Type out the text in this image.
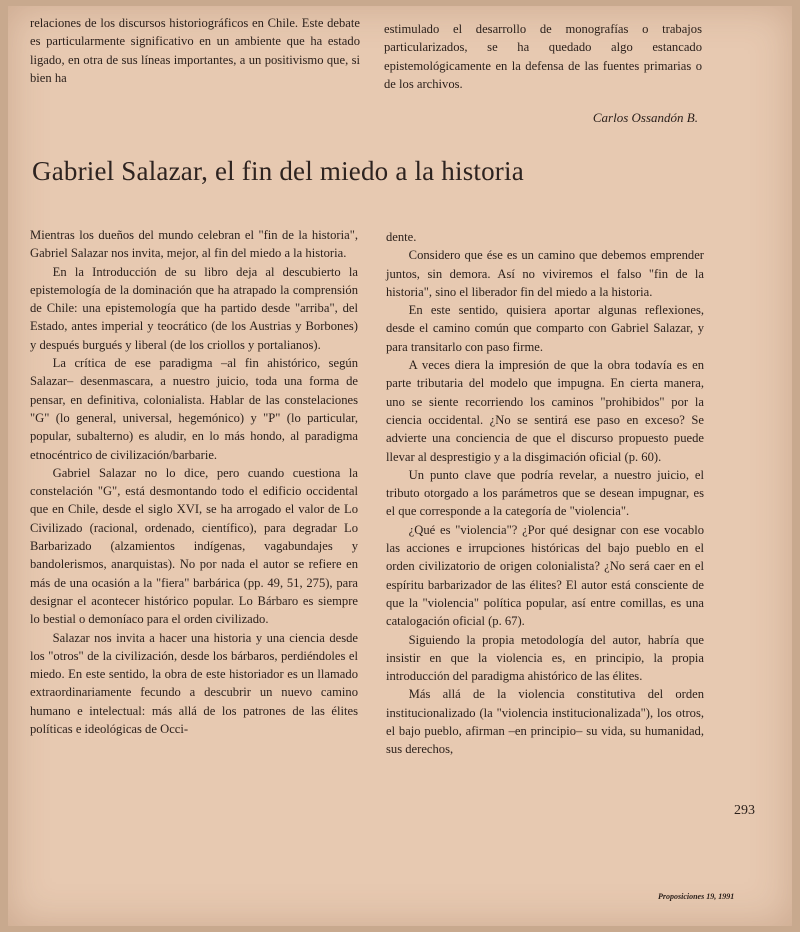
relaciones de los discursos historiográficos en Chile. Este debate es particularmente significativo en un ambiente que ha estado ligado, en otra de sus líneas importantes, a un positivismo que, si bien ha

estimulado el desarrollo de monografías o trabajos particularizados, se ha quedado algo estancado epistemológicamente en la defensa de las fuentes primarias o de los archivos.

Carlos Ossandón B.
Gabriel Salazar, el fin del miedo a la historia

Mientras los dueños del mundo celebran el "fin de la historia", Gabriel Salazar nos invita, mejor, al fin del miedo a la historia.

En la Introducción de su libro deja al descubierto la epistemología de la dominación que ha atrapado la comprensión de Chile: una epistemología que ha partido desde "arriba", del Estado, antes imperial y teocrático (de los Austrias y Borbones) y después burgués y liberal (de los criollos y portalianos).

La crítica de ese paradigma –al fin ahistórico, según Salazar– desenmascara, a nuestro juicio, toda una forma de pensar, en definitiva, colonialista. Hablar de las constelaciones "G" (lo general, universal, hegemónico) y "P" (lo particular, popular, subalterno) es aludir, en lo más hondo, al paradigma etnocéntrico de civilización/barbarie.

Gabriel Salazar no lo dice, pero cuando cuestiona la constelación "G", está desmontando todo el edificio occidental que en Chile, desde el siglo XVI, se ha arrogado el valor de Lo Civilizado (racional, ordenado, científico), para degradar Lo Barbarizado (alzamientos indígenas, vagabundajes y bandolerismos, anarquistas). No por nada el autor se refiere en más de una ocasión a la "fiera" barbárica (pp. 49, 51, 275), para designar el acontecer histórico popular. Lo Bárbaro es siempre lo bestial o demoníaco para el orden civilizado.

Salazar nos invita a hacer una historia y una ciencia desde los "otros" de la civilización, desde los bárbaros, perdiéndoles el miedo. En este sentido, la obra de este historiador es un llamado extraordinariamente fecundo a descubrir un nuevo camino humano e intelectual: más allá de los patrones de las élites políticas e ideológicas de Occi-

dente.

Considero que ése es un camino que debemos emprender juntos, sin demora. Así no viviremos el falso "fin de la historia", sino el liberador fin del miedo a la historia.

En este sentido, quisiera aportar algunas reflexiones, desde el camino común que comparto con Gabriel Salazar, y para transitarlo con paso firme.

A veces diera la impresión de que la obra todavía es en parte tributaria del modelo que impugna. En cierta manera, uno se siente recorriendo los caminos "prohibidos" por la ciencia occidental. ¿No se sentirá ese paso en exceso? Se advierte una conciencia de que el discurso propuesto puede llevar al desprestigio y a la disgimación oficial (p. 60).

Un punto clave que podría revelar, a nuestro juicio, el tributo otorgado a los parámetros que se desean impugnar, es el que corresponde a la categoría de "violencia".

¿Qué es "violencia"? ¿Por qué designar con ese vocablo las acciones e irrupciones históricas del bajo pueblo en el orden civilizatorio de origen colonialista? ¿No será caer en el espíritu barbarizador de las élites? El autor está consciente de que la "violencia" política popular, así entre comillas, es una catalogación oficial (p. 67).

Siguiendo la propia metodología del autor, habría que insistir en que la violencia es, en principio, la propia introducción del paradigma ahistórico de las élites.

Más allá de la violencia constitutiva del orden institucionalizado (la "violencia institucionalizada"), los otros, el bajo pueblo, afirman –en principio– su vida, su humanidad, sus derechos,

293
Proposiciones 19, 1991
